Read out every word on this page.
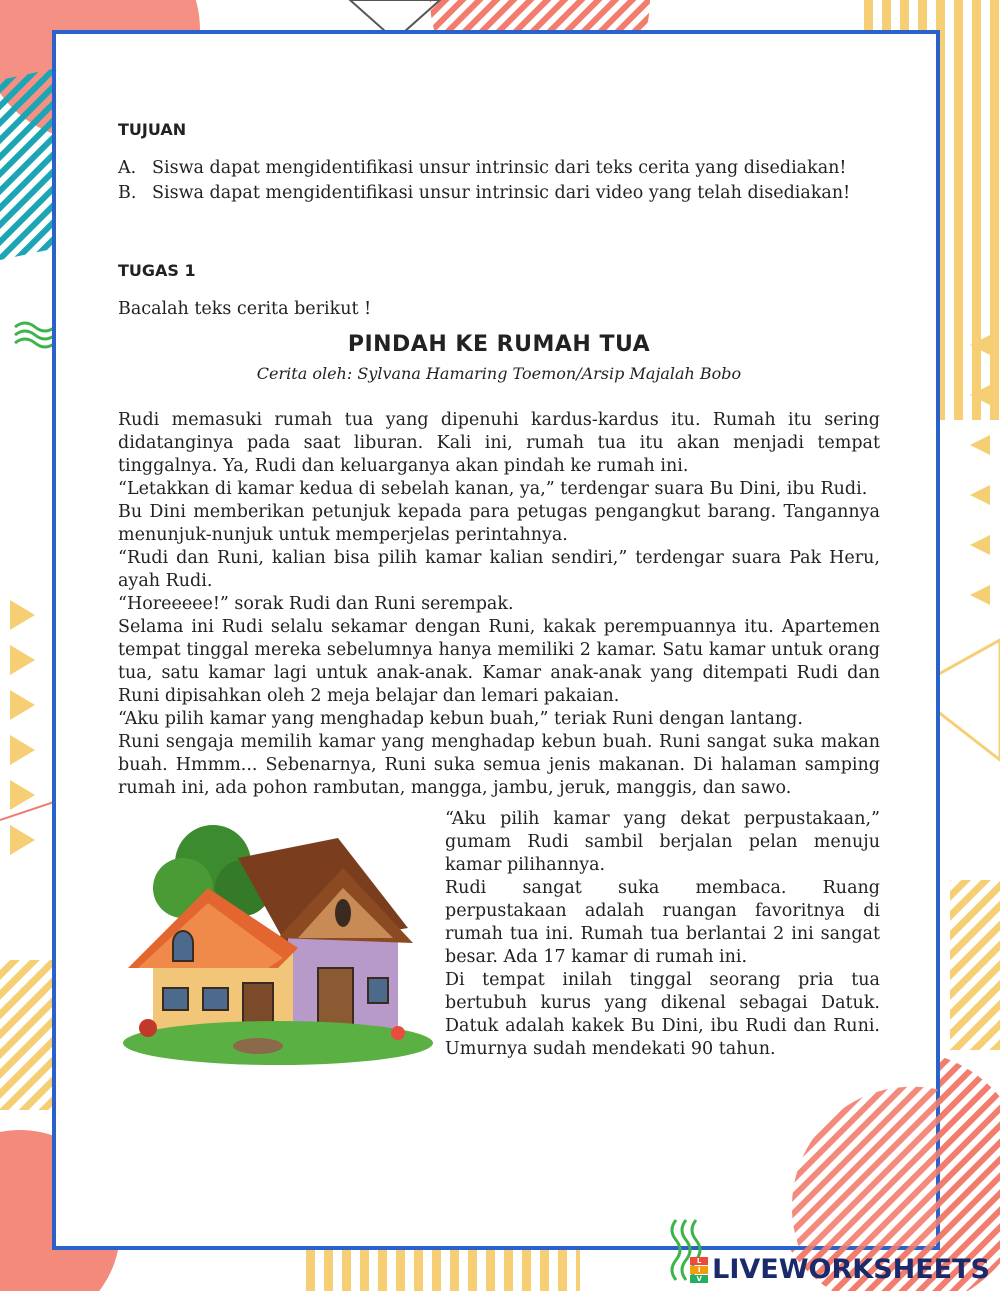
TUJUAN

A. Siswa dapat mengidentifikasi unsur intrinsic dari teks cerita yang disediakan!
B. Siswa dapat mengidentifikasi unsur intrinsic dari video yang telah disediakan!

TUGAS 1

Bacalah teks cerita berikut !

PINDAH KE RUMAH TUA

Cerita oleh: Sylvana Hamaring Toemon/Arsip Majalah Bobo

Rudi memasuki rumah tua yang dipenuhi kardus-kardus itu. Rumah itu sering didatanginya pada saat liburan. Kali ini, rumah tua itu akan menjadi tempat tinggalnya. Ya, Rudi dan keluarganya akan pindah ke rumah ini.

“Letakkan di kamar kedua di sebelah kanan, ya,” terdengar suara Bu Dini, ibu Rudi.

Bu Dini memberikan petunjuk kepada para petugas pengangkut barang. Tangannya menunjuk-nunjuk untuk memperjelas perintahnya.

“Rudi dan Runi, kalian bisa pilih kamar kalian sendiri,” terdengar suara Pak Heru, ayah Rudi.

“Horeeeee!” sorak Rudi dan Runi serempak.

Selama ini Rudi selalu sekamar dengan Runi, kakak perempuannya itu. Apartemen tempat tinggal mereka sebelumnya hanya memiliki 2 kamar. Satu kamar untuk orang tua, satu kamar lagi untuk anak-anak. Kamar anak-anak yang ditempati Rudi dan Runi dipisahkan oleh 2 meja belajar dan lemari pakaian.

“Aku pilih kamar yang menghadap kebun buah,” teriak Runi dengan lantang.

Runi sengaja memilih kamar yang menghadap kebun buah. Runi sangat suka makan buah. Hmmm... Sebenarnya, Runi suka semua jenis makanan. Di halaman samping rumah ini, ada pohon rambutan, mangga, jambu, jeruk, manggis, dan sawo.

“Aku pilih kamar yang dekat perpustakaan,” gumam Rudi sambil berjalan pelan menuju kamar pilihannya.

Rudi sangat suka membaca. Ruang perpustakaan adalah ruangan favoritnya di rumah tua ini. Rumah tua berlantai 2 ini sangat besar. Ada 17 kamar di rumah ini.

Di tempat inilah tinggal seorang pria tua bertubuh kurus yang dikenal sebagai Datuk. Datuk adalah kakek Bu Dini, ibu Rudi dan Runi. Umurnya sudah mendekati 90 tahun.

L
I
V LIVEWORKSHEETS
